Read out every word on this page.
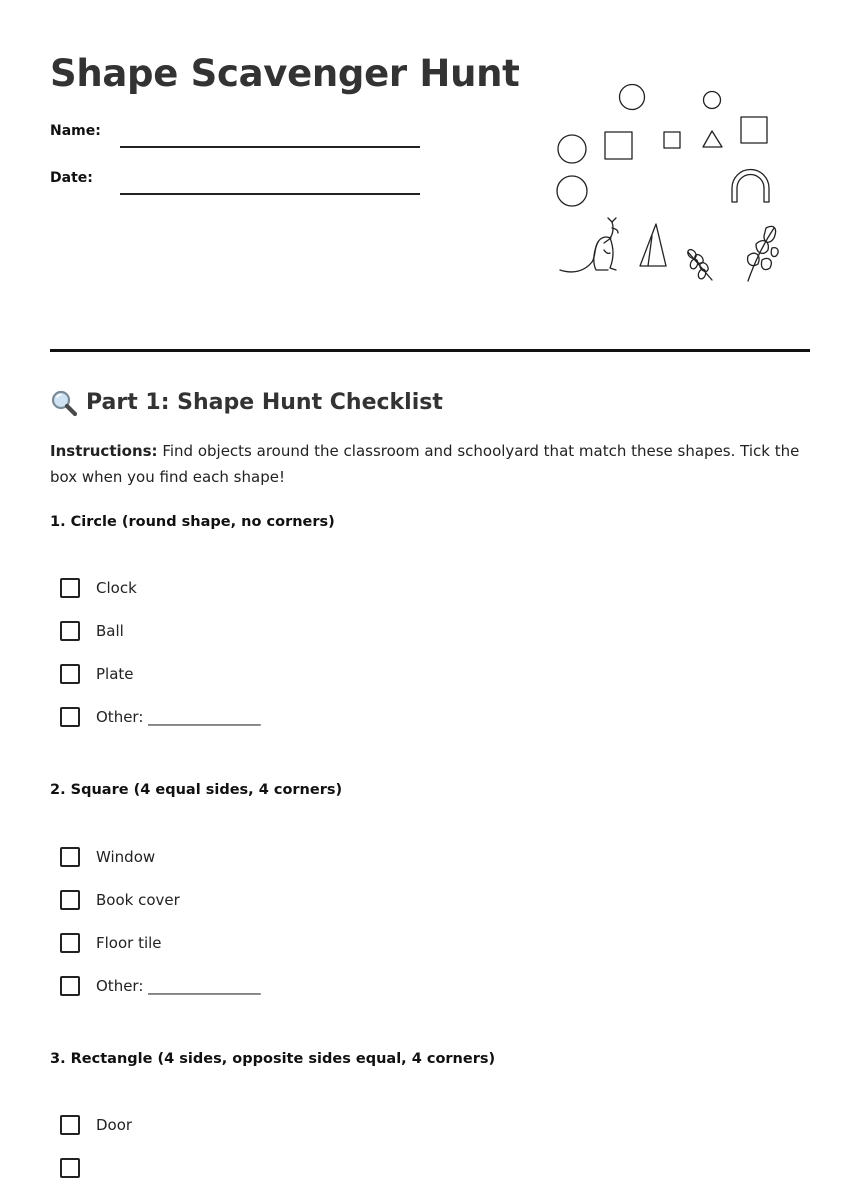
Shape Scavenger Hunt
Name:
Date:
Part 1: Shape Hunt Checklist

Instructions: Find objects around the classroom and schoolyard that match these shapes. Tick the box when you find each shape!

1. Circle (round shape, no corners)
Clock
Ball
Plate
Other: _______________
2. Square (4 equal sides, 4 corners)
Window
Book cover
Floor tile
Other: _______________
3. Rectangle (4 sides, opposite sides equal, 4 corners)
Door
